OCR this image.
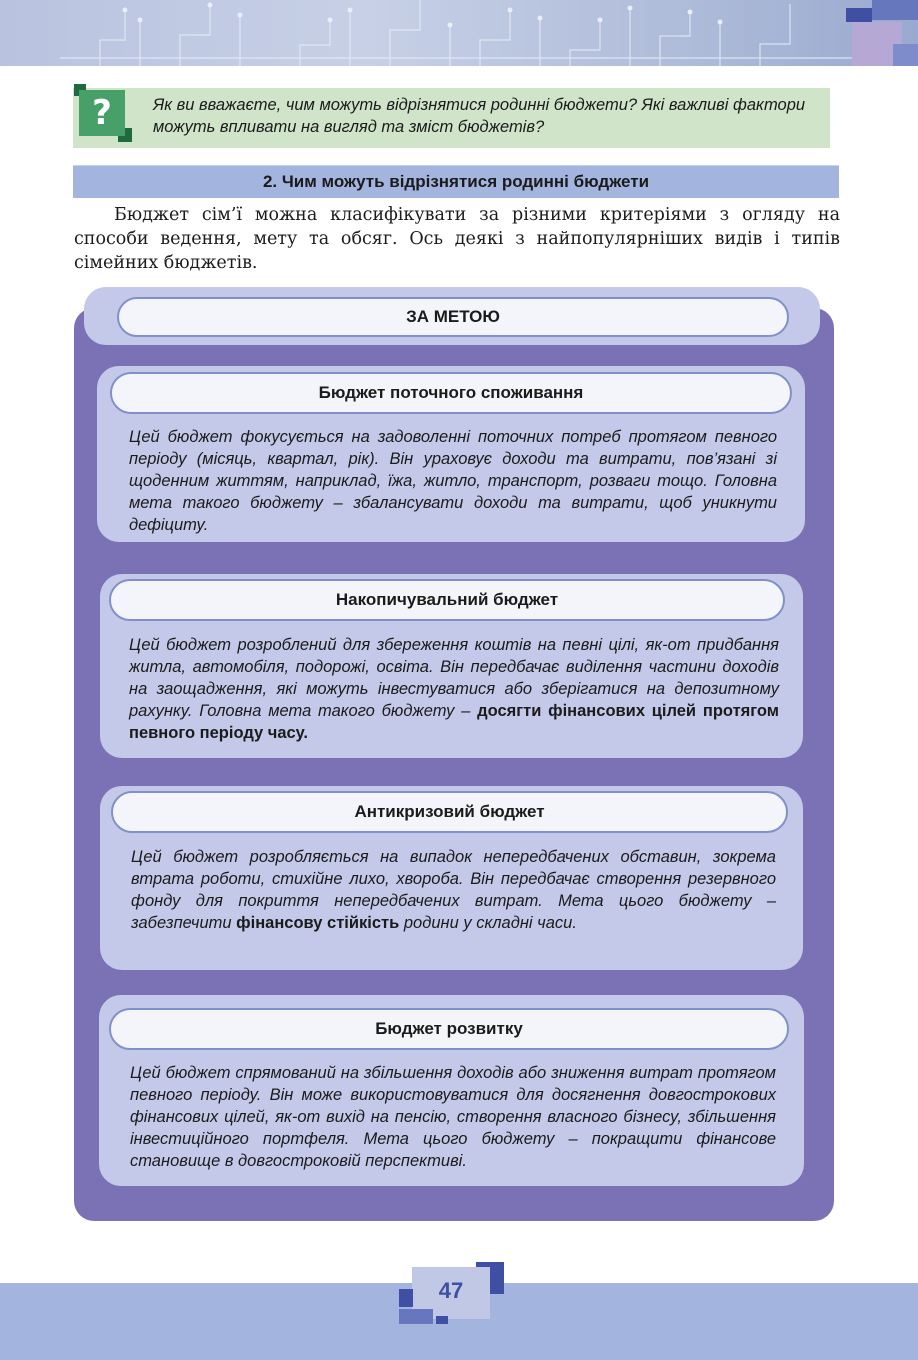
?	Як ви вважаєте, чим можуть відрізнятися родинні бюджети? Які важливі фактори можуть впливати на вигляд та зміст бюджетів?
2. Чим можуть відрізнятися родинні бюджети
Бюджет сім’ї можна класифікувати за різними критеріями з огляду на способи ведення, мету та обсяг. Ось деякі з найпопулярніших видів і типів сімейних бюджетів.
ЗА МЕТОЮ
Бюджет поточного споживання
Цей бюджет фокусується на задоволенні поточних потреб протягом певного періоду (місяць, квартал, рік). Він ураховує доходи та витрати, пов’язані зі щоденним життям, наприклад, їжа, житло, транспорт, розваги тощо. Головна мета такого бюджету – збалансувати доходи та витрати, щоб уникнути дефіциту.
Накопичувальний бюджет
Цей бюджет розроблений для збереження коштів на певні цілі, як-от придбання житла, автомобіля, подорожі, освіта. Він передбачає виділення частини доходів на заощадження, які можуть інвестуватися або зберігатися на депозитному рахунку. Головна мета такого бюджету – досягти фінансових цілей протягом певного періоду часу.
Антикризовий бюджет
Цей бюджет розробляється на випадок непередбачених обставин, зокрема втрата роботи, стихійне лихо, хвороба. Він передбачає створення резервного фонду для покриття непередбачених витрат. Мета цього бюджету – забезпечити фінансову стійкість родини у складні часи.
Бюджет розвитку
Цей бюджет спрямований на збільшення доходів або зниження витрат протягом певного періоду. Він може використовуватися для досягнення довгострокових фінансових цілей, як-от вихід на пенсію, створення власного бізнесу, збільшення інвестиційного портфеля. Мета цього бюджету – покращити фінансове становище в довгостроковій перспективі.
47
